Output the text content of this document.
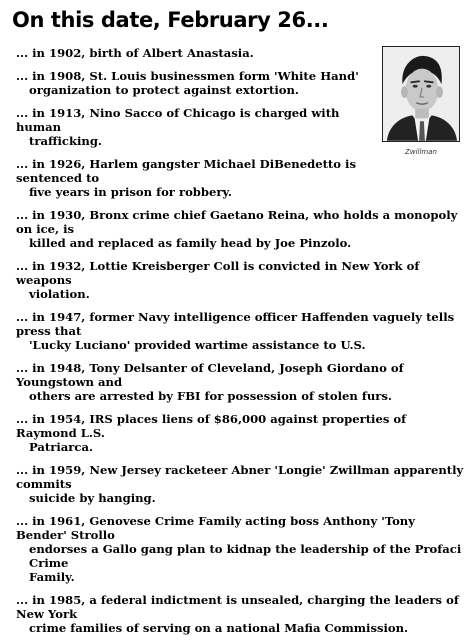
On this date, February 26...
Zwillman
... in 1902, birth of Albert Anastasia.
... in 1908, St. Louis businessmen form 'White Hand'
organization to protect against extortion.
... in 1913, Nino Sacco of Chicago is charged with human
trafficking.
... in 1926, Harlem gangster Michael DiBenedetto is sentenced to
five years in prison for robbery.
... in 1930, Bronx crime chief Gaetano Reina, who holds a monopoly on ice, is
killed and replaced as family head by Joe Pinzolo.
... in 1932, Lottie Kreisberger Coll is convicted in New York of weapons
violation.
... in 1947, former Navy intelligence officer Haffenden vaguely tells press that
'Lucky Luciano' provided wartime assistance to U.S.
... in 1948, Tony Delsanter of Cleveland, Joseph Giordano of Youngstown and
others are arrested by FBI for possession of stolen furs.
... in 1954, IRS places liens of $86,000 against properties of Raymond L.S.
Patriarca.
... in 1959, New Jersey racketeer Abner 'Longie' Zwillman apparently commits
suicide by hanging.
... in 1961, Genovese Crime Family acting boss Anthony 'Tony Bender' Strollo
endorses a Gallo gang plan to kidnap the leadership of the Profaci Crime
Family.
... in 1985, a federal indictment is unsealed, charging the leaders of New York
crime families of serving on a national Mafia Commission.
